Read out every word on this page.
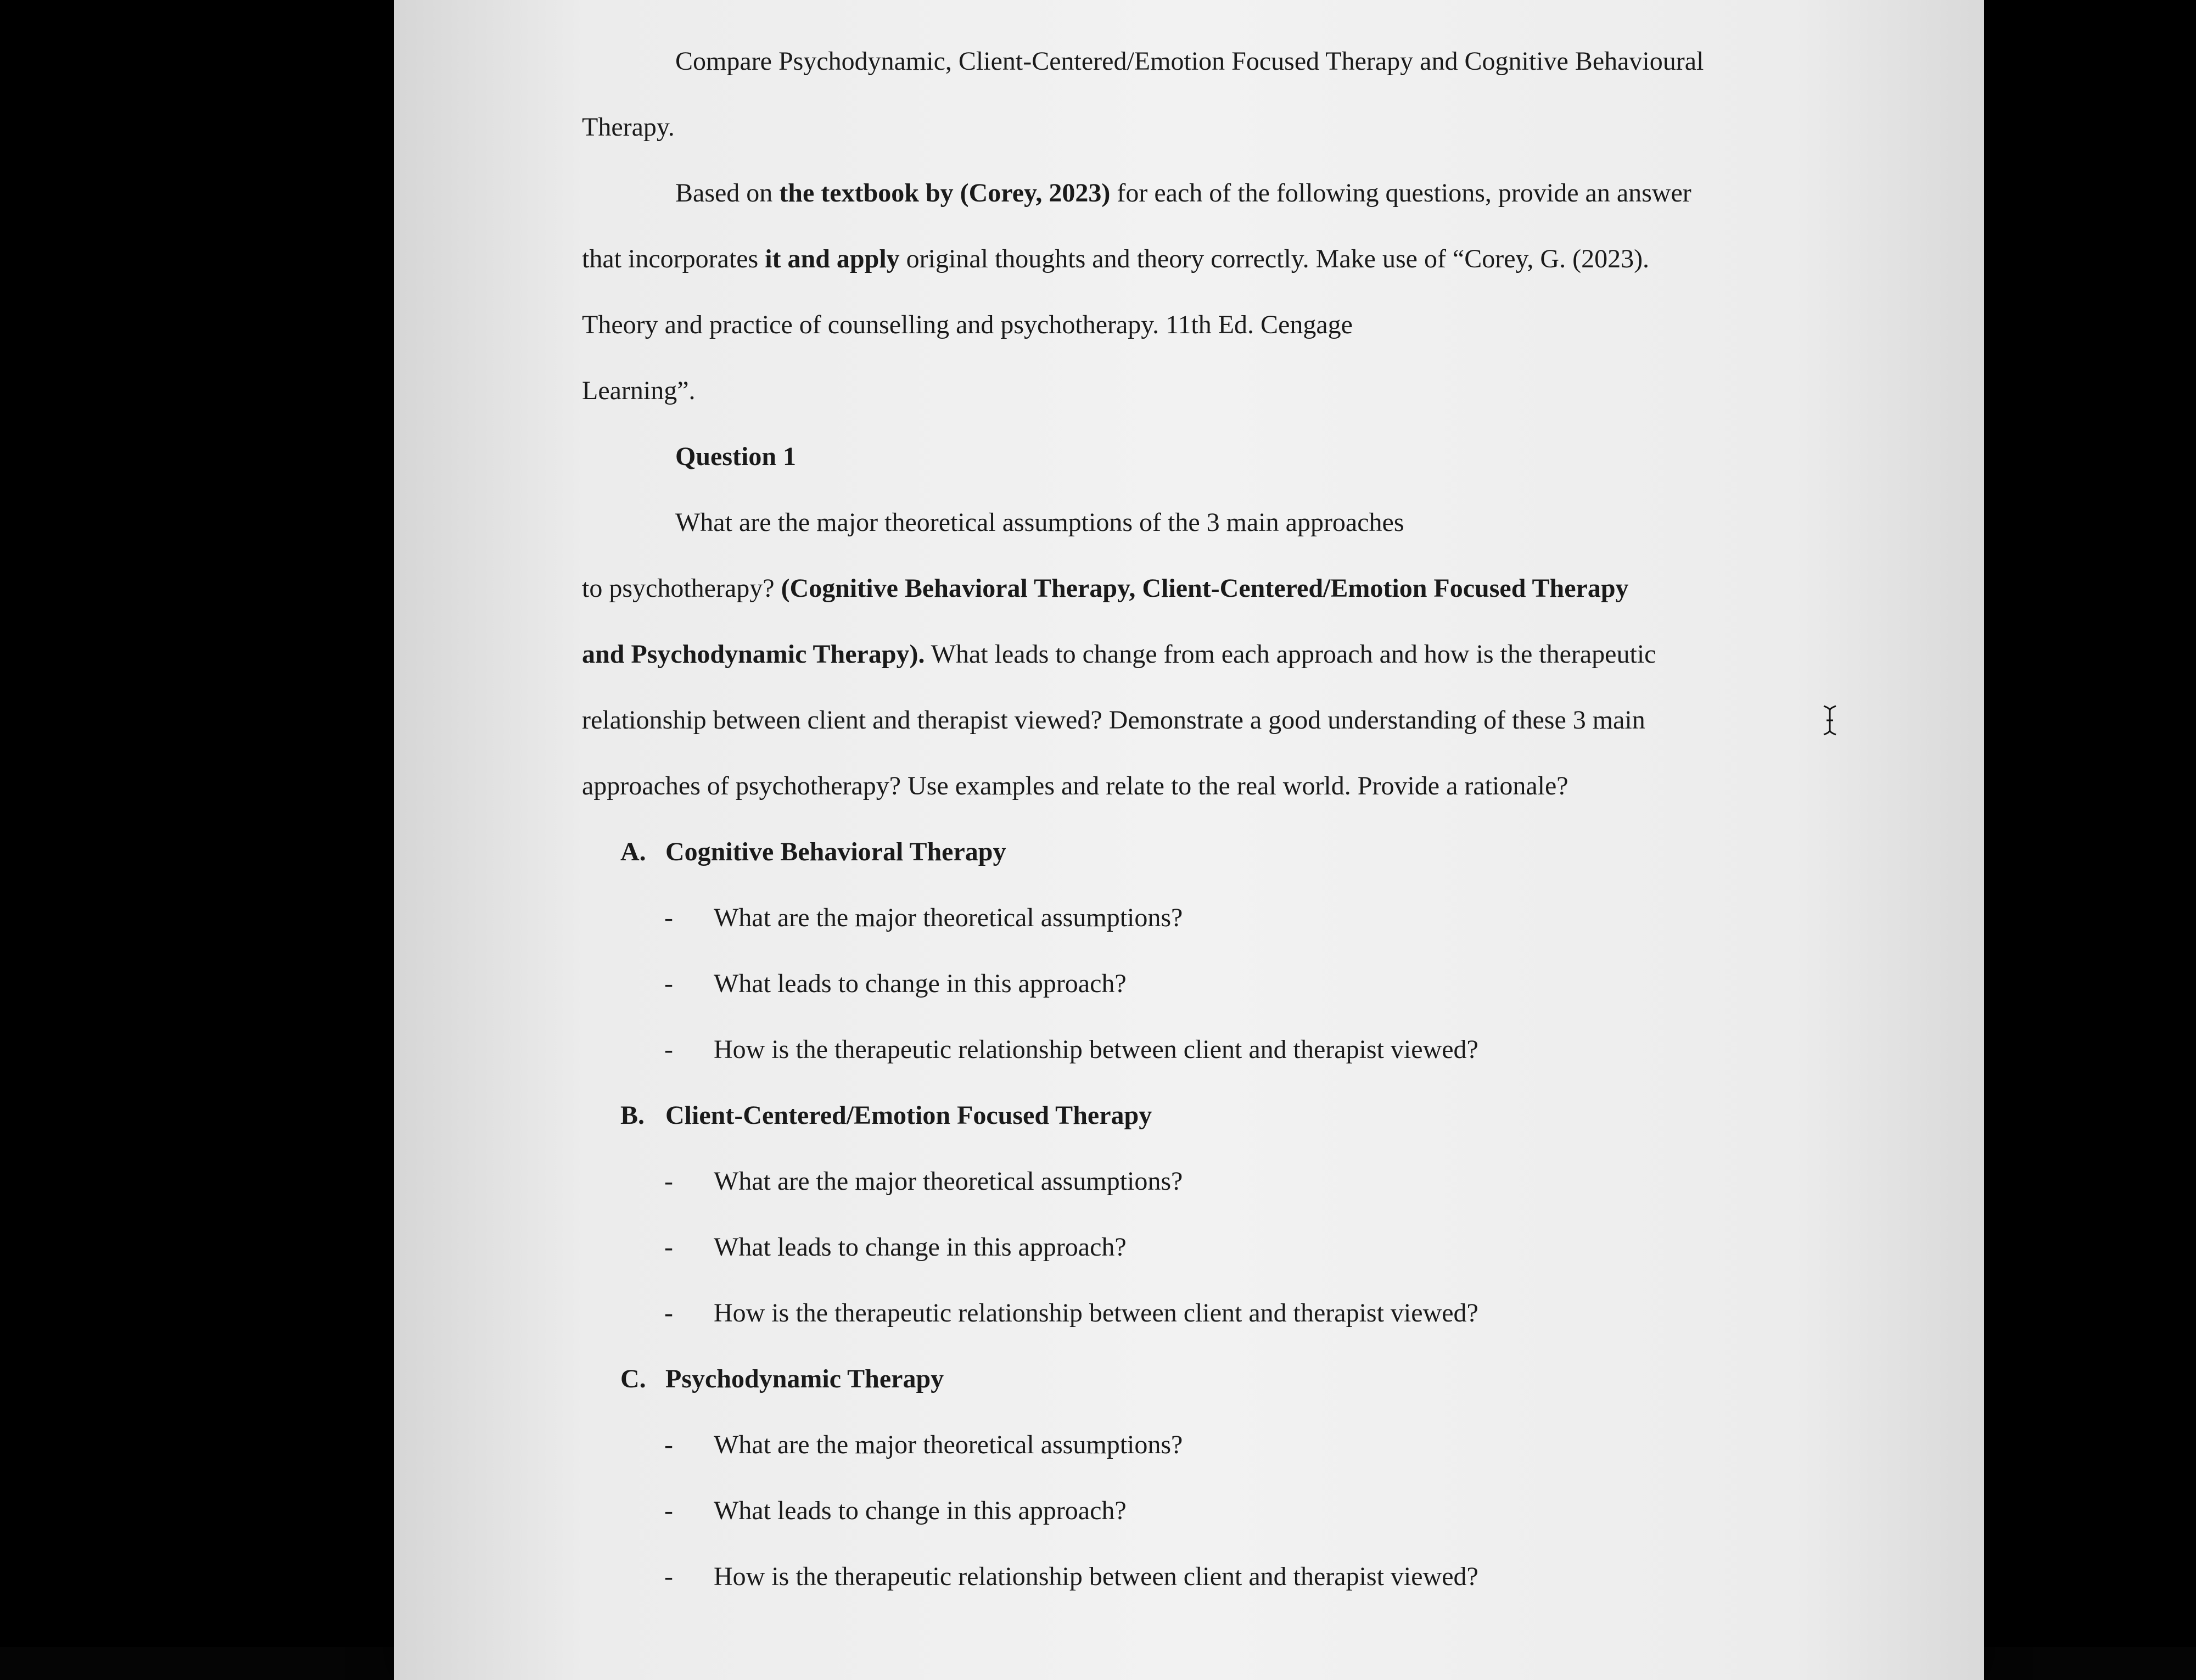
Compare Psychodynamic, Client-Centered/Emotion Focused Therapy and Cognitive Behavioural
Therapy.
Based on the textbook by (Corey, 2023) for each of the following questions, provide an answer
that incorporates it and apply original thoughts and theory correctly. Make use of “Corey, G. (2023).
Theory and practice of counselling and psychotherapy. 11th Ed. Cengage
Learning”.
Question 1
What are the major theoretical assumptions of the 3 main approaches
to psychotherapy? (Cognitive Behavioral Therapy, Client-Centered/Emotion Focused Therapy
and Psychodynamic Therapy). What leads to change from each approach and how is the therapeutic
relationship between client and therapist viewed? Demonstrate a good understanding of these 3 main
approaches of psychotherapy? Use examples and relate to the real world. Provide a rationale?
A. Cognitive Behavioral Therapy
- What are the major theoretical assumptions?
- What leads to change in this approach?
- How is the therapeutic relationship between client and therapist viewed?
B. Client-Centered/Emotion Focused Therapy
- What are the major theoretical assumptions?
- What leads to change in this approach?
- How is the therapeutic relationship between client and therapist viewed?
C. Psychodynamic Therapy
- What are the major theoretical assumptions?
- What leads to change in this approach?
- How is the therapeutic relationship between client and therapist viewed?
